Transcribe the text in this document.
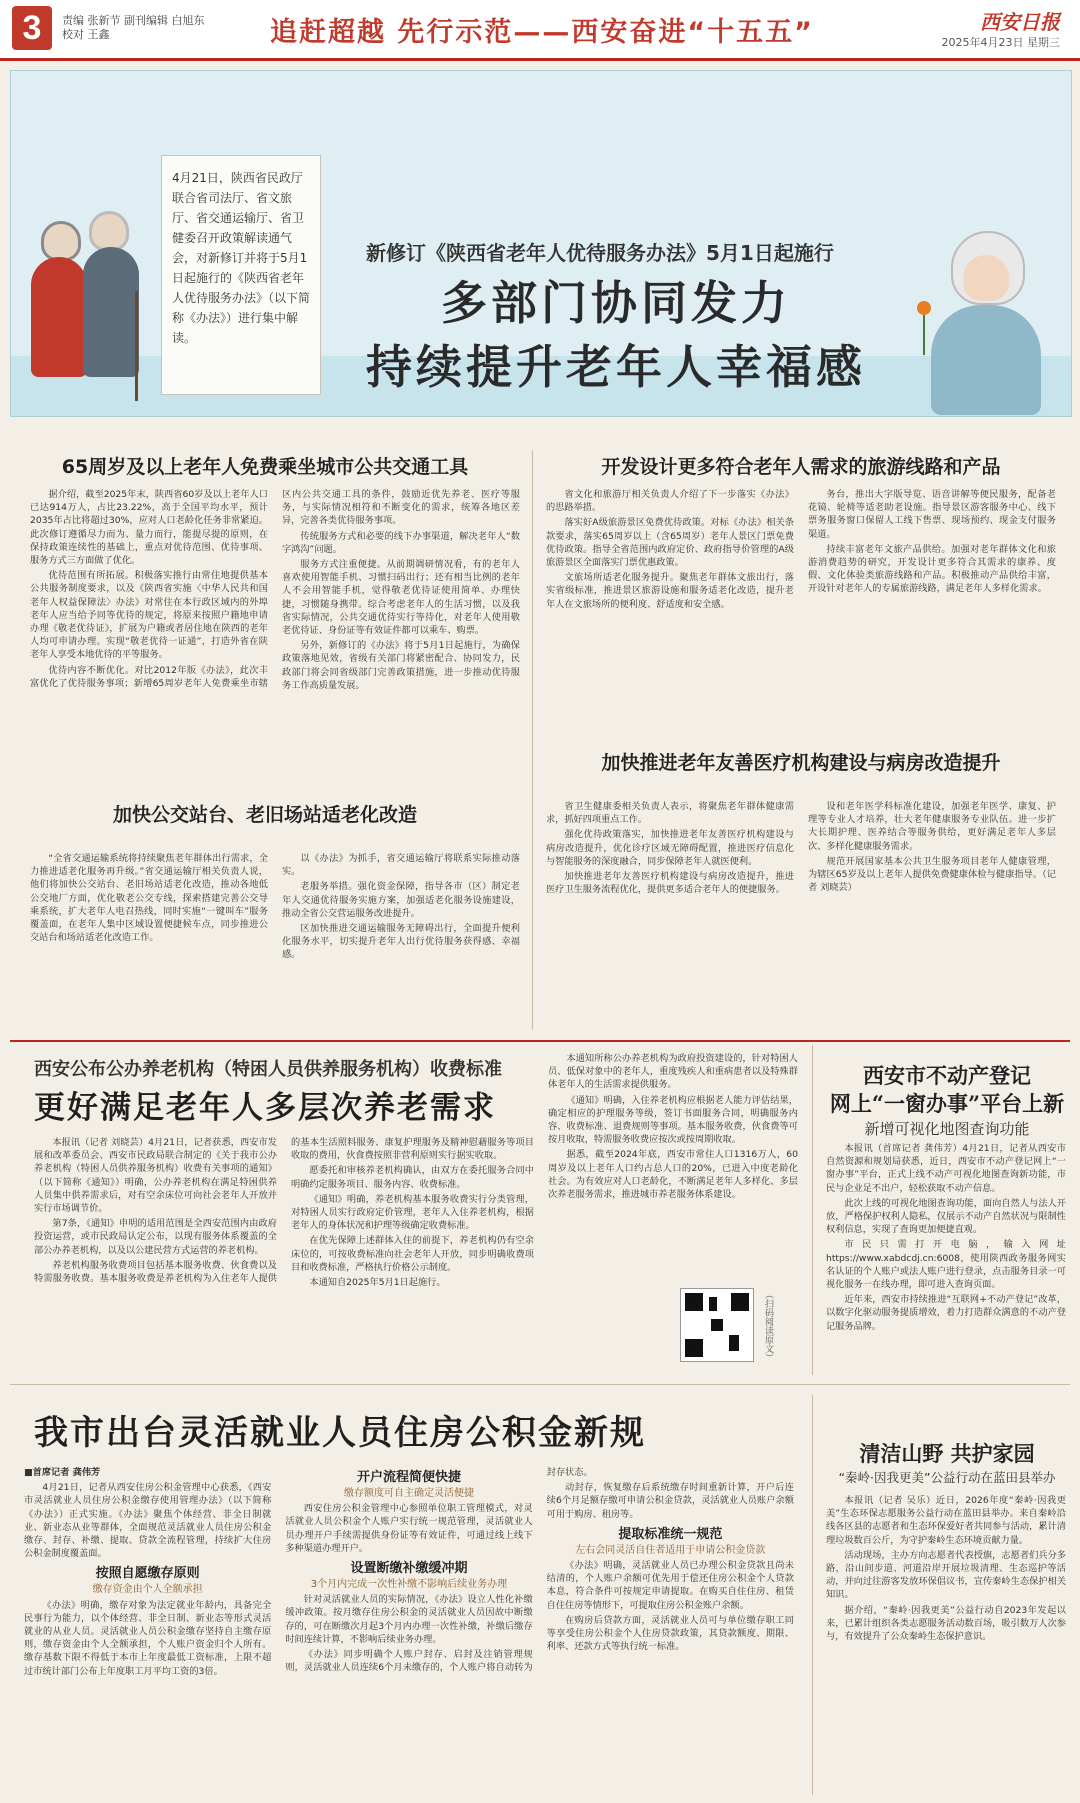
3	责编 张新节 副刊编辑 白旭东
校对 王鑫	追赶超越 先行示范——西安奋进“十五五”	西安日报
2025年4月23日 星期三
4月21日，陕西省民政厅联合省司法厅、省文旅厅、省交通运输厅、省卫健委召开政策解读通气会，对新修订并将于5月1日起施行的《陕西省老年人优待服务办法》（以下简称《办法》）进行集中解读。
新修订《陕西省老年人优待服务办法》5月1日起施行
多部门协同发力
持续提升老年人幸福感
65周岁及以上老年人免费乘坐城市公共交通工具

据介绍，截至2025年末，陕西省60岁及以上老年人口已达914万人，占比23.22%，高于全国平均水平，预计2035年占比将超过30%，应对人口老龄化任务非常紧迫。此次修订遵循尽力而为、量力而行，能提尽提的原则，在保持政策连续性的基础上，重点对优待范围、优待事项、服务方式三方面做了优化。

优待范围有所拓展。积极落实推行由常住地提供基本公共服务制度要求，以及《陕西省实施〈中华人民共和国老年人权益保障法〉办法》对常住在本行政区域内的外埠老年人应当给予同等优待的规定，将原来按照户籍地申请办理《敬老优待证》，扩展为户籍或者居住地在陕西的老年人均可申请办理。实现“敬老优待一证通”，打造外省在陕老年人享受本地优待的平等服务。

优待内容不断优化。对比2012年版《办法》，此次丰富优化了优待服务事项；新增65周岁老年人免费乘坐市辖区内公共交通工具的条件，鼓励近优先养老、医疗等服务，与实际情况相符和不断变化的需求，统筹各地区差异，完善各类优待服务事项。

传统服务方式和必要的线下办事渠道，解决老年人“数字鸿沟”问题。

服务方式注重便捷。从前期调研情况看，有的老年人喜欢使用智能手机、习惯扫码出行；还有相当比例的老年人不会用智能手机，觉得敬老优待证使用简单、办理快捷，习惯随身携带。综合考虑老年人的生活习惯，以及我省实际情况，公共交通优待实行等待化，对老年人使用敬老优待证、身份证等有效证件都可以乘车、购票。

另外，新修订的《办法》将于5月1日起施行，为确保政策落地见效，省级有关部门将紧密配合、协同发力，民政部门将会同省级部门完善政策措施，进一步推动优待服务工作高质量发展。

开发设计更多符合老年人需求的旅游线路和产品

省文化和旅游厅相关负责人介绍了下一步落实《办法》的思路举措。

落实好A级旅游景区免费优待政策。对标《办法》相关条款要求，落实65周岁以上（含65周岁）老年人景区门票免费优待政策。指导全省范围内政府定价、政府指导价管理的A级旅游景区全面落实门票优惠政策。

文旅场所适老化服务提升。聚焦老年群体文旅出行，落实省级标准，推进景区旅游设施和服务适老化改造，提升老年人在文旅场所的便利度、舒适度和安全感。

务台，推出大字版导览、语音讲解等便民服务，配备老花镜、轮椅等适老助老设施。指导景区游客服务中心、线下票务服务窗口保留人工线下售票、现场预约、现金支付服务渠道。

持续丰富老年文旅产品供给。加强对老年群体文化和旅游消费趋势的研究，开发设计更多符合其需求的康养、度假、文化体验类旅游线路和产品。积极推动产品供给丰富，开设针对老年人的专属旅游线路，满足老年人多样化需求。

加快公交站台、老旧场站适老化改造

“全省交通运输系统将持续聚焦老年群体出行需求，全力推进适老化服务再升级。”省交通运输厅相关负责人说，他们将加快公交站台、老旧场站适老化改造，推动各地低公交地厂方面，优化敬老公交专线，探索搭建完善公交导乘系统，扩大老年人电召热线，同时实施“一键叫车”服务覆盖面，在老年人集中区域设置便捷候车点，同步推进公交站台和场站适老化改造工作。

以《办法》为抓手，省交通运输厅将联系实际推动落实。

老服务举措。强化资金保障，指导各市（区）制定老年人交通优待服务实施方案，加强适老化服务设施建设，推动全省公交营运服务改进提升。

区加快推进交通运输服务无障碍出行，全面提升便利化服务水平，切实提升老年人出行优待服务获得感、幸福感。

加快推进老年友善医疗机构建设与病房改造提升

省卫生健康委相关负责人表示，将聚焦老年群体健康需求，抓好四项重点工作。

强化优待政策落实，加快推进老年友善医疗机构建设与病房改造提升，优化诊疗区域无障碍配置，推进医疗信息化与智能服务的深度融合，同步保障老年人就医便利。

加快推进老年友善医疗机构建设与病房改造提升，推进医疗卫生服务流程优化，提供更多适合老年人的便捷服务。

设和老年医学科标准化建设，加强老年医学、康复、护理等专业人才培养，壮大老年健康服务专业队伍。进一步扩大长期护理、医养结合等服务供给，更好满足老年人多层次、多样化健康服务需求。

规范开展国家基本公共卫生服务项目老年人健康管理，为辖区65岁及以上老年人提供免费健康体检与健康指导。（记者 刘晓芸）

西安公布公办养老机构（特困人员供养服务机构）收费标准
更好满足老年人多层次养老需求

本报讯（记者 刘晓芸）4月21日，记者获悉，西安市发展和改革委员会、西安市民政局联合制定的《关于我市公办养老机构（特困人员供养服务机构）收费有关事项的通知》（以下简称《通知》）明确，公办养老机构在满足特困供养人员集中供养需求后，对有空余床位可向社会老年人开放并实行市场调节价。

第7条，《通知》申明的适用范围是全西安范围内由政府投资运营，或市民政局认定公布，以现有服务体系覆盖的全部公办养老机构，以及以公建民营方式运营的养老机构。

养老机构服务收费项目包括基本服务收费、伙食费以及特需服务收费。基本服务收费是养老机构为入住老年人提供的基本生活照料服务、康复护理服务及精神慰藉服务等项目收取的费用，伙食费按照非营利原则实行据实收取。

愿委托和审核养老机构确认，由双方在委托服务合同中明确约定服务项目、服务内容、收费标准。

《通知》明确，养老机构基本服务收费实行分类管理，对特困人员实行政府定价管理，老年人入住养老机构，根据老年人的身体状况和护理等级确定收费标准。

在优先保障上述群体入住的前提下，养老机构仍有空余床位的，可按收费标准向社会老年人开放，同步明确收费项目和收费标准，严格执行价格公示制度。

本通知自2025年5月1日起施行。

本通知所称公办养老机构为政府投资建设的，针对特困人员、低保对象中的老年人，重度残疾人和重病患者以及特殊群体老年人的生活需求提供服务。

《通知》明确，入住养老机构应根据老人能力评估结果，确定相应的护理服务等级，签订书面服务合同，明确服务内容、收费标准、退费规则等事项。基本服务收费，伙食费等可按月收取，特需服务收费应按次或按周期收取。

据悉，截至2024年底，西安市常住人口1316万人，60周岁及以上老年人口约占总人口的20%，已进入中度老龄化社会。为有效应对人口老龄化，不断满足老年人多样化、多层次养老服务需求，推进城市养老服务体系建设。

（扫码阅读原文）
西安市不动产登记
网上“一窗办事”平台上新
新增可视化地图查询功能

本报讯（首席记者 龚伟芳）4月21日，记者从西安市自然资源和规划局获悉，近日，西安市不动产登记网上“一窗办事”平台，正式上线不动产可视化地图查询新功能，市民与企业足不出户，轻松获取不动产信息。

此次上线的可视化地图查询功能，面向自然人与法人开放，严格保护权利人隐私，仅展示不动产自然状况与限制性权利信息，实现了查询更加便捷直观。

市民只需打开电脑，输入网址https://www.xabdcdj.cn:6008，使用陕西政务服务网实名认证的个人账户或法人账户进行登录，点击服务目录一可视化服务一在线办理，即可进入查询页面。

近年来，西安市持续推进“互联网+不动产登记”改革，以数字化驱动服务提质增效，着力打造群众满意的不动产登记服务品牌。

我市出台灵活就业人员住房公积金新规

■首席记者 龚伟芳

4月21日，记者从西安住房公积金管理中心获悉，《西安市灵活就业人员住房公积金缴存使用管理办法》（以下简称《办法》）正式实施。《办法》聚焦个体经营、非全日制就业、新业态从业等群体，全面规范灵活就业人员住房公积金缴存、封存、补缴、提取、贷款全流程管理，持续扩大住房公积金制度覆盖面。

按照自愿缴存原则

缴存资金由个人全额承担

《办法》明确，缴存对象为法定就业年龄内，具备完全民事行为能力，以个体经营、非全日制、新业态等形式灵活就业的从业人员。灵活就业人员公积金缴存坚持自主缴存原则，缴存资金由个人全额承担，个人账户资金归个人所有。缴存基数下限不得低于本市上年度最低工资标准，上限不超过市统计部门公布上年度职工月平均工资的3倍。

开户流程简便快捷

缴存额度可自主确定灵活便捷

西安住房公积金管理中心参照单位职工管理模式，对灵活就业人员公积金个人账户实行统一规范管理，灵活就业人员办理开户手续需提供身份证等有效证件，可通过线上线下多种渠道办理开户。

设置断缴补缴缓冲期

3个月内完成一次性补缴不影响后续业务办理

针对灵活就业人员的实际情况，《办法》设立人性化补缴缓冲政策。按月缴存住房公积金的灵活就业人员因故中断缴存的，可在断缴次月起3个月内办理一次性补缴，补缴后缴存时间连续计算，不影响后续业务办理。

《办法》同步明确个人账户封存、启封及注销管理规则，灵活就业人员连续6个月未缴存的，个人账户将自动转为封存状态。

动封存，恢复缴存后系统缴存时间重新计算，开户后连续6个月足额存缴可申请公积金贷款，灵活就业人员账户余额可用于购房、租房等。

提取标准统一规范

左右会同灵活自住者适用于申请公积金贷款

《办法》明确，灵活就业人员已办理公积金贷款且尚未结清的，个人账户余额可优先用于偿还住房公积金个人贷款本息，符合条件可按规定申请提取。在购买自住住房、租赁自住住房等情形下，可提取住房公积金账户余额。

在购房后贷款方面，灵活就业人员可与单位缴存职工同等享受住房公积金个人住房贷款政策，其贷款额度、期限、利率、还款方式等执行统一标准。

清洁山野 共护家园
“秦岭·因我更美”公益行动在蓝田县举办

本报讯（记者 吴乐）近日，2026年度“秦岭·因我更美”生态环保志愿服务公益行动在蓝田县举办。来自秦岭沿线各区县的志愿者和生态环保爱好者共同参与活动，累计清理垃圾数百公斤，为守护秦岭生态环境贡献力量。

活动现场，主办方向志愿者代表授旗，志愿者们兵分多路，沿山间步道、河道沿岸开展垃圾清理、生态巡护等活动，并向过往游客发放环保倡议书，宣传秦岭生态保护相关知识。

据介绍，“秦岭·因我更美”公益行动自2023年发起以来，已累计组织各类志愿服务活动数百场，吸引数万人次参与，有效提升了公众秦岭生态保护意识。
